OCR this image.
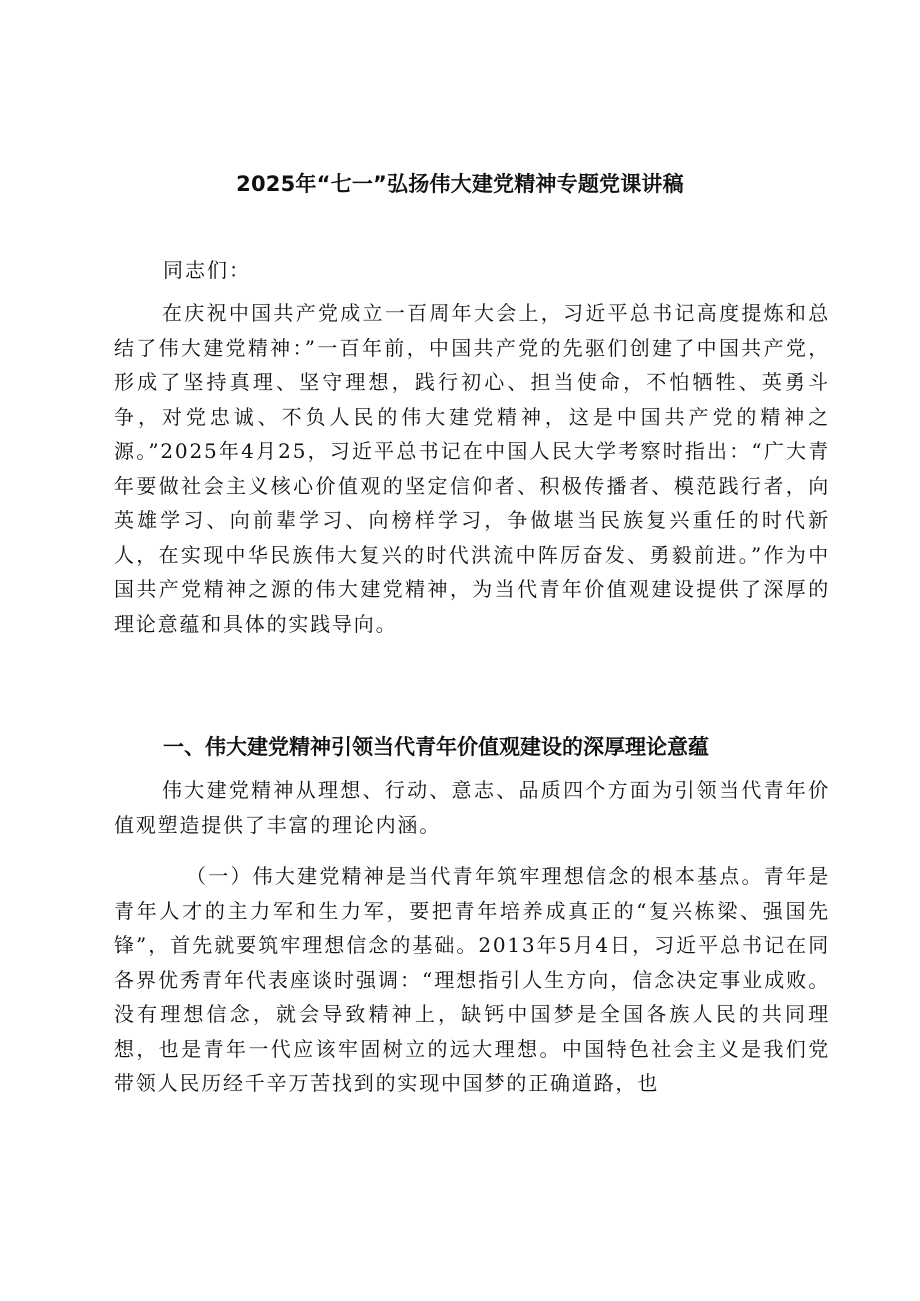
2025年“七一”弘扬伟大建党精神专题党课讲稿
同志们：

在庆祝中国共产党成立一百周年大会上，习近平总书记高度提炼和总结了伟大建党精神：”一百年前，中国共产党的先驱们创建了中国共产党，形成了坚持真理、坚守理想，践行初心、担当使命，不怕牺牲、英勇斗争，对党忠诚、不负人民的伟大建党精神，这是中国共产党的精神之源。”2025年4月25，习近平总书记在中国人民大学考察时指出：“广大青年要做社会主义核心价值观的坚定信仰者、积极传播者、模范践行者，向英雄学习、向前辈学习、向榜样学习，争做堪当民族复兴重任的时代新人，在实现中华民族伟大复兴的时代洪流中阵厉奋发、勇毅前进。”作为中国共产党精神之源的伟大建党精神，为当代青年价值观建设提供了深厚的理论意蕴和具体的实践导向。

一、伟大建党精神引领当代青年价值观建设的深厚理论意蕴

伟大建党精神从理想、行动、意志、品质四个方面为引领当代青年价值观塑造提供了丰富的理论内涵。

（一）伟大建党精神是当代青年筑牢理想信念的根本基点。青年是青年人才的主力军和生力军，要把青年培养成真正的“复兴栋梁、强国先锋”，首先就要筑牢理想信念的基础。2013年5月4日，习近平总书记在同各界优秀青年代表座谈时强调：“理想指引人生方向，信念决定事业成败。没有理想信念，就会导致精神上，缺钙中国梦是全国各族人民的共同理想，也是青年一代应该牢固树立的远大理想。中国特色社会主义是我们党带领人民历经千辛万苦找到的实现中国梦的正确道路，也
